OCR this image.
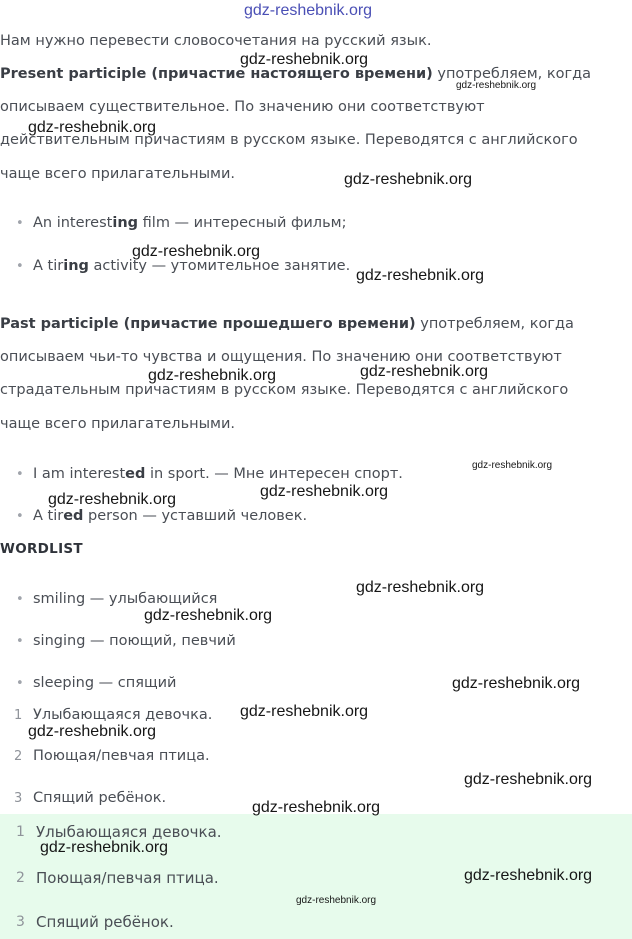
Нам нужно перевести словосочетания на русский язык.
Present participle (причастие настоящего времени) употребляем, когда
описываем существительное. По значению они соответствуют
действительным причастиям в русском языке. Переводятся с английского
чаще всего прилагательными.
• An interesting film — интересный фильм;
• A tiring activity — утомительное занятие.
Past participle (причастие прошедшего времени) употребляем, когда
описываем чьи-то чувства и ощущения. По значению они соответствуют
страдательным причастиям в русском языке. Переводятся с английского
чаще всего прилагательными.
• I am interested in sport. — Мне интересен спорт.
• A tired person — уставший человек.
WORDLIST
• smiling — улыбающийся
• singing — поющий, певчий
• sleeping — спящий
1 Улыбающаяся девочка.
2 Поющая/певчая птица.
3 Спящий ребёнок.
1 Улыбающаяся девочка.
2 Поющая/певчая птица.
3 Спящий ребёнок.
gdz-reshebnik.org
gdz-reshebnik.org
gdz-reshebnik.org
gdz-reshebnik.org
gdz-reshebnik.org
gdz-reshebnik.org
gdz-reshebnik.org
gdz-reshebnik.org	gdz-reshebnik.org
gdz-reshebnik.org
gdz-reshebnik.org
gdz-reshebnik.org
gdz-reshebnik.org
gdz-reshebnik.org
gdz-reshebnik.org
gdz-reshebnik.org
gdz-reshebnik.org
gdz-reshebnik.org
gdz-reshebnik.org
gdz-reshebnik.org
gdz-reshebnik.org
gdz-reshebnik.org
